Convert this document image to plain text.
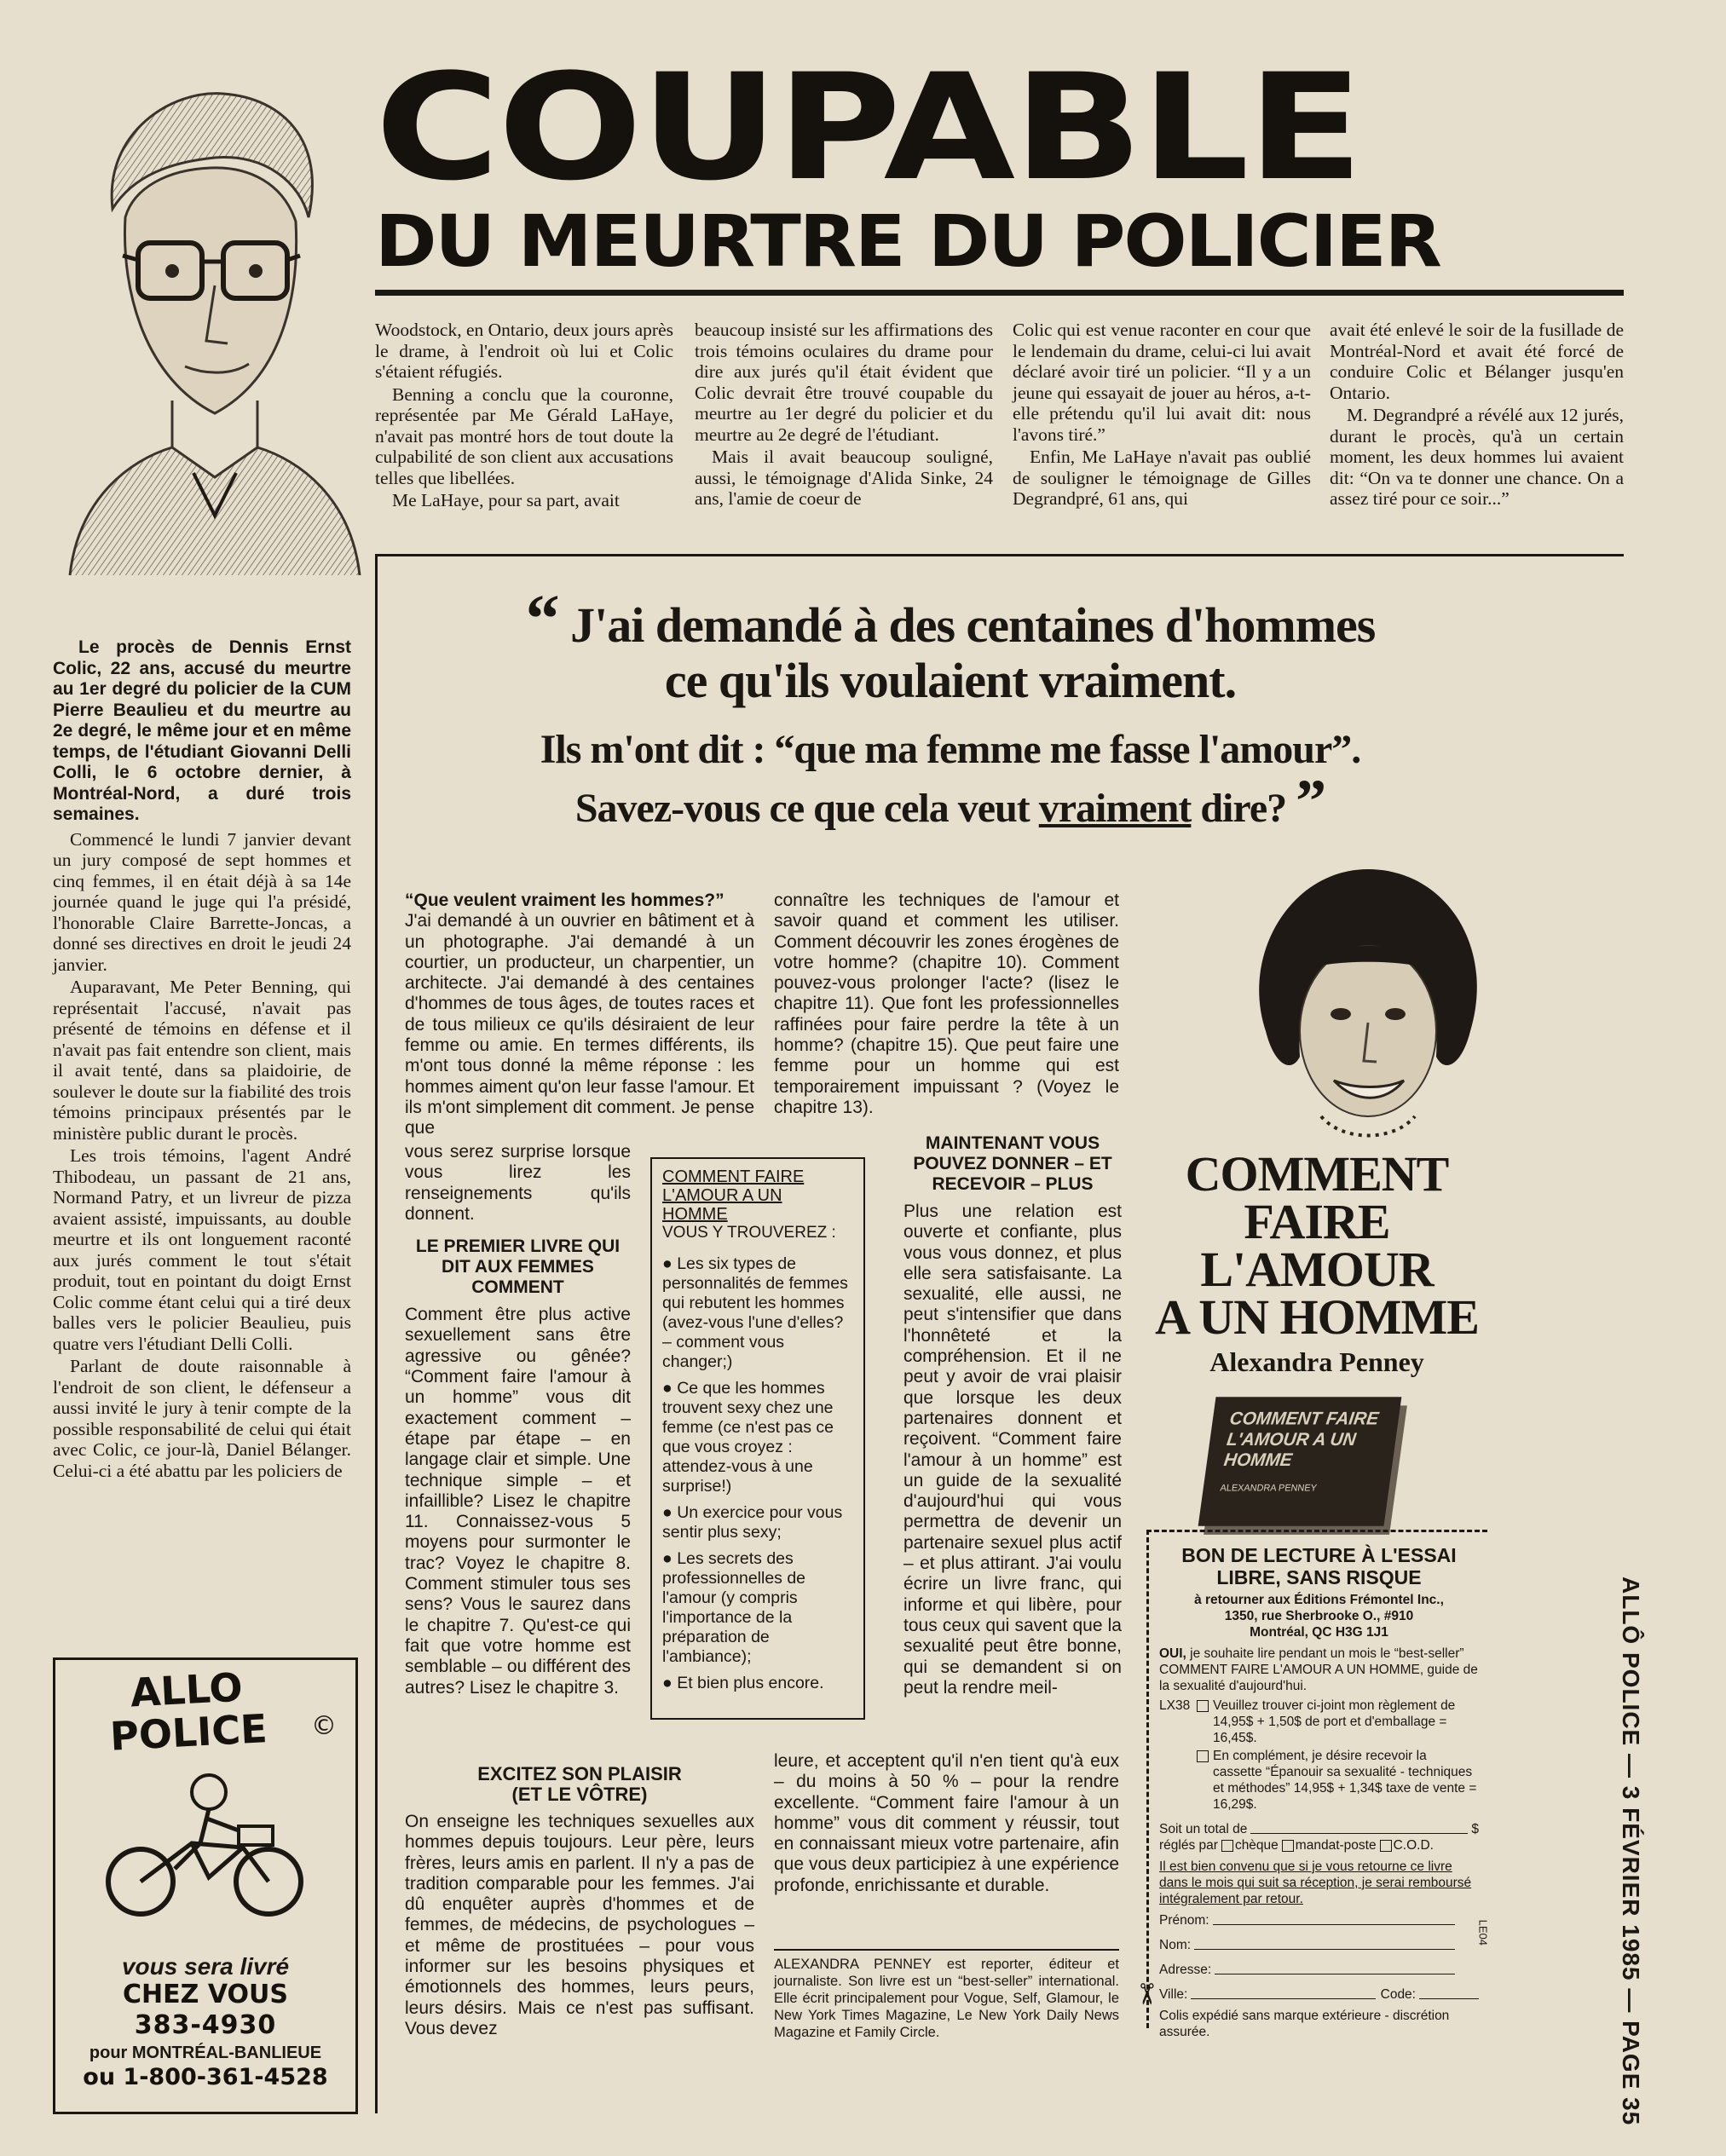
COUPABLE
DU MEURTRE DU POLICIER

Woodstock, en Ontario, deux jours après le drame, à l'endroit où lui et Colic s'étaient réfugiés.

Benning a conclu que la couronne, représentée par Me Gérald LaHaye, n'avait pas montré hors de tout doute la culpabilité de son client aux accusations telles que libellées.

Me LaHaye, pour sa part, avait

beaucoup insisté sur les affirmations des trois témoins oculaires du drame pour dire aux jurés qu'il était évident que Colic devrait être trouvé coupable du meurtre au 1er degré du policier et du meurtre au 2e degré de l'étudiant.

Mais il avait beaucoup souligné, aussi, le témoignage d'Alida Sinke, 24 ans, l'amie de coeur de

Colic qui est venue raconter en cour que le lendemain du drame, celui-ci lui avait déclaré avoir tiré un policier. “Il y a un jeune qui essayait de jouer au héros, a-t-elle prétendu qu'il lui avait dit: nous l'avons tiré.”

Enfin, Me LaHaye n'avait pas oublié de souligner le témoignage de Gilles Degrandpré, 61 ans, qui

avait été enlevé le soir de la fusillade de Montréal-Nord et avait été forcé de conduire Colic et Bélanger jusqu'en Ontario.

M. Degrandpré a révélé aux 12 jurés, durant le procès, qu'à un certain moment, les deux hommes lui avaient dit: “On va te donner une chance. On a assez tiré pour ce soir...”

Le procès de Dennis Ernst Colic, 22 ans, accusé du meurtre au 1er degré du policier de la CUM Pierre Beaulieu et du meurtre au 2e degré, le même jour et en même temps, de l'étudiant Giovanni Delli Colli, le 6 octobre dernier, à Montréal-Nord, a duré trois semaines.

Commencé le lundi 7 janvier devant un jury composé de sept hommes et cinq femmes, il en était déjà à sa 14e journée quand le juge qui l'a présidé, l'honorable Claire Barrette-Joncas, a donné ses directives en droit le jeudi 24 janvier.

Auparavant, Me Peter Benning, qui représentait l'accusé, n'avait pas présenté de témoins en défense et il n'avait pas fait entendre son client, mais il avait tenté, dans sa plaidoirie, de soulever le doute sur la fiabilité des trois témoins principaux présentés par le ministère public durant le procès.

Les trois témoins, l'agent André Thibodeau, un passant de 21 ans, Normand Patry, et un livreur de pizza avaient assisté, impuissants, au double meurtre et ils ont longuement raconté aux jurés comment le tout s'était produit, tout en pointant du doigt Ernst Colic comme étant celui qui a tiré deux balles vers le policier Beaulieu, puis quatre vers l'étudiant Delli Colli.

Parlant de doute raisonnable à l'endroit de son client, le défenseur a aussi invité le jury à tenir compte de la possible responsabilité de celui qui était avec Colic, ce jour-là, Daniel Bélanger. Celui-ci a été abattu par les policiers de

ALLO POLICE	©
vous sera livré
CHEZ VOUS
383-4930
pour MONTRÉAL-BANLIEUE
ou 1-800-361-4528
“ J'ai demandé à des centaines d'hommes
ce qu'ils voulaient vraiment.
Ils m'ont dit : “que ma femme me fasse l'amour”.
Savez-vous ce que cela veut vraiment dire? ”

“Que veulent vraiment les hommes?”

J'ai demandé à un ouvrier en bâtiment et à un photographe. J'ai demandé à un courtier, un producteur, un charpentier, un architecte. J'ai demandé à des centaines d'hommes de tous âges, de toutes races et de tous milieux ce qu'ils désiraient de leur femme ou amie. En termes différents, ils m'ont tous donné la même réponse : les hommes aiment qu'on leur fasse l'amour. Et ils m'ont simplement dit comment. Je pense que

vous serez surprise lorsque vous lirez les renseignements qu'ils donnent.

LE PREMIER LIVRE QUI DIT AUX FEMMES COMMENT

Comment être plus active sexuellement sans être agressive ou gênée? “Comment faire l'amour à un homme” vous dit exactement comment – étape par étape – en langage clair et simple. Une technique simple – et infaillible? Lisez le chapitre 11. Connaissez-vous 5 moyens pour surmonter le trac? Voyez le chapitre 8. Comment stimuler tous ses sens? Vous le saurez dans le chapitre 7. Qu'est-ce qui fait que votre homme est semblable – ou différent des autres? Lisez le chapitre 3.

EXCITEZ SON PLAISIR
(ET LE VÔTRE)

On enseigne les techniques sexuelles aux hommes depuis toujours. Leur père, leurs frères, leurs amis en parlent. Il n'y a pas de tradition comparable pour les femmes. J'ai dû enquêter auprès d'hommes et de femmes, de médecins, de psychologues – et même de prostituées – pour vous informer sur les besoins physiques et émotionnels des hommes, leurs peurs, leurs désirs. Mais ce n'est pas suffisant. Vous devez

connaître les techniques de l'amour et savoir quand et comment les utiliser. Comment découvrir les zones érogènes de votre homme? (chapitre 10). Comment pouvez-vous prolonger l'acte? (lisez le chapitre 11). Que font les professionnelles raffinées pour faire perdre la tête à un homme? (chapitre 15). Que peut faire une femme pour un homme qui est temporairement impuissant ? (Voyez le chapitre 13).

COMMENT FAIRE L'AMOUR A UN HOMME
VOUS Y TROUVEREZ :

● Les six types de personnalités de femmes qui rebutent les hommes (avez-vous l'une d'elles? – comment vous changer;)

● Ce que les hommes trouvent sexy chez une femme (ce n'est pas ce que vous croyez : attendez-vous à une surprise!)

● Un exercice pour vous sentir plus sexy;

● Les secrets des professionnelles de l'amour (y compris l'importance de la préparation de l'ambiance);

● Et bien plus encore.

MAINTENANT VOUS POUVEZ DONNER – ET RECEVOIR – PLUS

Plus une relation est ouverte et confiante, plus vous vous donnez, et plus elle sera satisfaisante. La sexualité, elle aussi, ne peut s'intensifier que dans l'honnêteté et la compréhension. Et il ne peut y avoir de vrai plaisir que lorsque les deux partenaires donnent et reçoivent. “Comment faire l'amour à un homme” est un guide de la sexualité d'aujourd'hui qui vous permettra de devenir un partenaire sexuel plus actif – et plus attirant. J'ai voulu écrire un livre franc, qui informe et qui libère, pour tous ceux qui savent que la sexualité peut être bonne, qui se demandent si on peut la rendre meil-

leure, et acceptent qu'il n'en tient qu'à eux – du moins à 50 % – pour la rendre excellente. “Comment faire l'amour à un homme” vous dit comment y réussir, tout en connaissant mieux votre partenaire, afin que vous deux participiez à une expérience profonde, enrichissante et durable.

ALEXANDRA PENNEY est reporter, éditeur et journaliste. Son livre est un “best-seller” international. Elle écrit principalement pour Vogue, Self, Glamour, le New York Times Magazine, Le New York Daily News Magazine et Family Circle.
COMMENT
FAIRE
L'AMOUR
A UN HOMME
Alexandra Penney
COMMENT FAIRE L'AMOUR A UN HOMME
ALEXANDRA PENNEY
BON DE LECTURE À L'ESSAI LIBRE, SANS RISQUE

à retourner aux Éditions Frémontel Inc.,

1350, rue Sherbrooke O., #910

Montréal, QC H3G 1J1

OUI, je souhaite lire pendant un mois le “best-seller” COMMENT FAIRE L'AMOUR A UN HOMME, guide de la sexualité d'aujourd'hui.

LX38	Veuillez trouver ci-joint mon règlement de 14,95$ + 1,50$ de port et d'emballage = 16,45$.
En complément, je désire recevoir la cassette “Épanouir sa sexualité - techniques et méthodes” 14,95$ + 1,34$ taxe de vente = 16,29$.
Soit un total de	$
réglés par chèque mandat-poste C.O.D.

Il est bien convenu que si je vous retourne ce livre dans le mois qui suit sa réception, je serai remboursé intégralement par retour.

Prénom:
Nom:
Adresse:
Ville:	Code:

Colis expédié sans marque extérieure - discrétion assurée.

LE04
✂	ALLÔ POLICE — 3 FÉVRIER 1985 — PAGE 35
